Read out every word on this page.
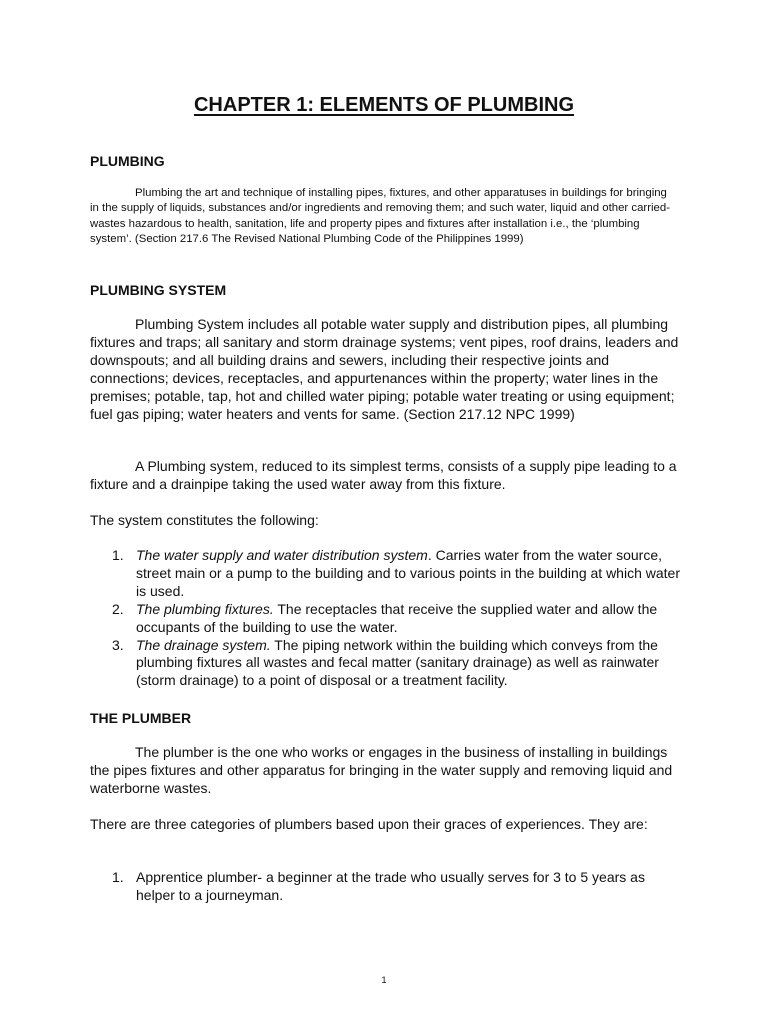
CHAPTER 1: ELEMENTS OF PLUMBING
PLUMBING
Plumbing the art and technique of installing pipes, fixtures, and other apparatuses in buildings for bringing in the supply of liquids, substances and/or ingredients and removing them; and such water, liquid and other carried-wastes hazardous to health, sanitation, life and property pipes and fixtures after installation i.e., the ‘plumbing system’. (Section 217.6 The Revised National Plumbing Code of the Philippines 1999)
PLUMBING SYSTEM
Plumbing System includes all potable water supply and distribution pipes, all plumbing fixtures and traps; all sanitary and storm drainage systems; vent pipes, roof drains, leaders and downspouts; and all building drains and sewers, including their respective joints and connections; devices, receptacles, and appurtenances within the property; water lines in the premises; potable, tap, hot and chilled water piping; potable water treating or using equipment; fuel gas piping; water heaters and vents for same. (Section 217.12 NPC 1999)
A Plumbing system, reduced to its simplest terms, consists of a supply pipe leading to a fixture and a drainpipe taking the used water away from this fixture.
The system constitutes the following:
1. The water supply and water distribution system. Carries water from the water source, street main or a pump to the building and to various points in the building at which water is used.
2. The plumbing fixtures. The receptacles that receive the supplied water and allow the occupants of the building to use the water.
3. The drainage system. The piping network within the building which conveys from the plumbing fixtures all wastes and fecal matter (sanitary drainage) as well as rainwater (storm drainage) to a point of disposal or a treatment facility.
THE PLUMBER
The plumber is the one who works or engages in the business of installing in buildings the pipes fixtures and other apparatus for bringing in the water supply and removing liquid and waterborne wastes.
There are three categories of plumbers based upon their graces of experiences. They are:
1. Apprentice plumber- a beginner at the trade who usually serves for 3 to 5 years as helper to a journeyman.
1
